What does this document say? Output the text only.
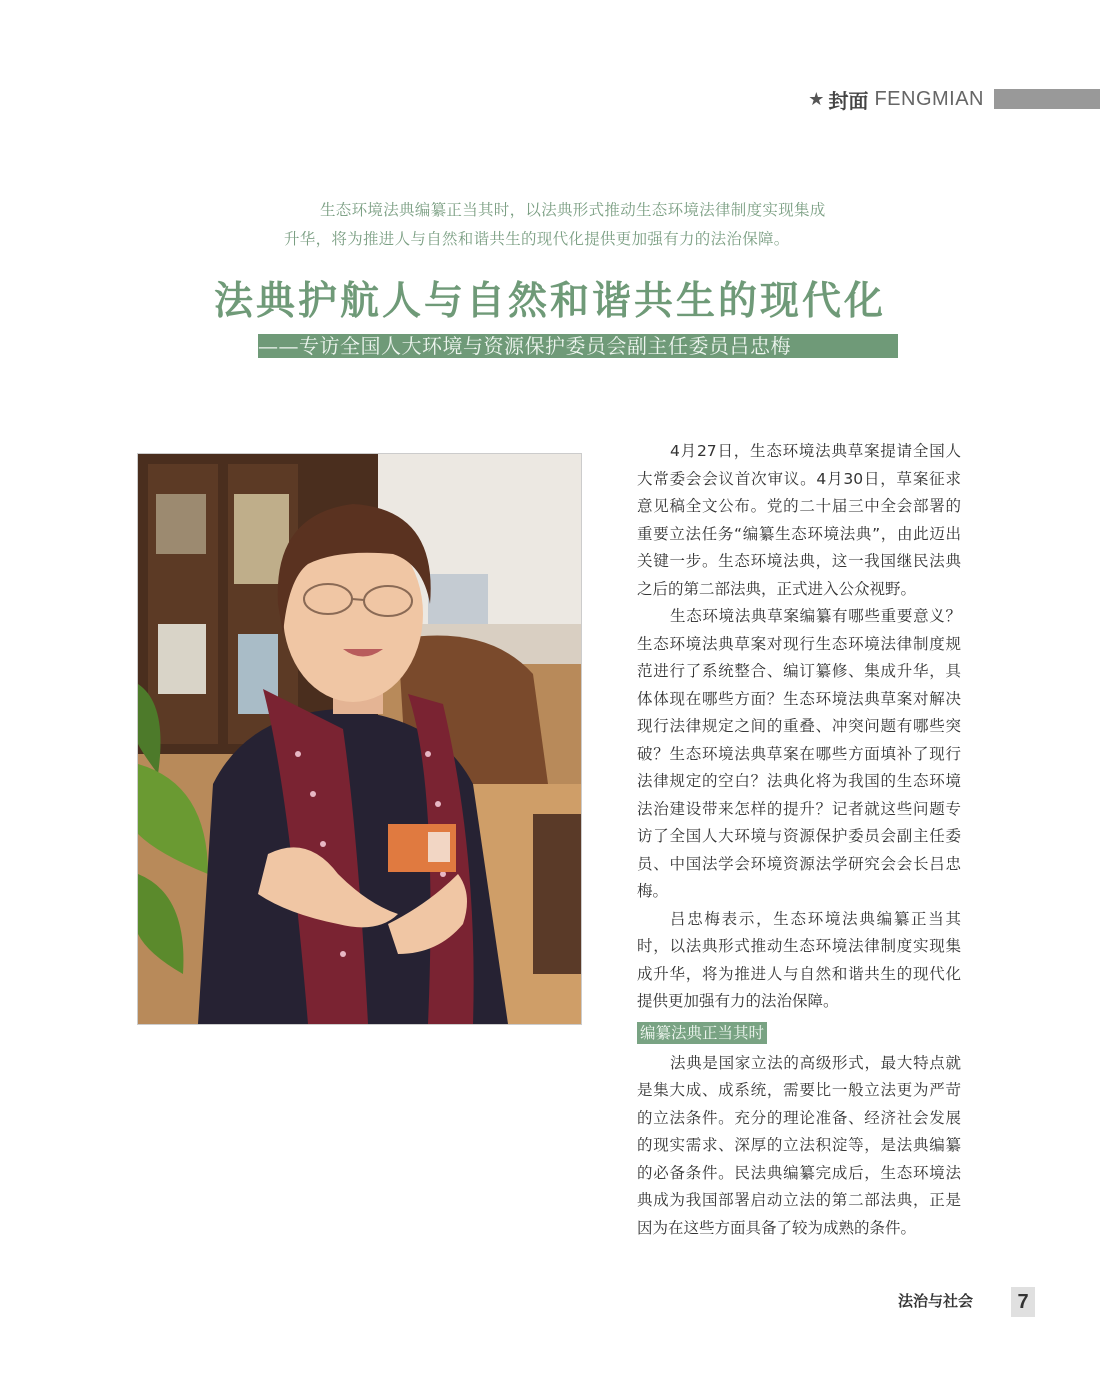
★ 封面 FENGMIAN

生态环境法典编纂正当其时，以法典形式推动生态环境法律制度实现集成

升华，将为推进人与自然和谐共生的现代化提供更加强有力的法治保障。

法典护航人与自然和谐共生的现代化
——专访全国人大环境与资源保护委员会副主任委员吕忠梅

4月27日，生态环境法典草案提请全国人大常委会会议首次审议。4月30日，草案征求意见稿全文公布。党的二十届三中全会部署的重要立法任务“编纂生态环境法典”，由此迈出关键一步。生态环境法典，这一我国继民法典之后的第二部法典，正式进入公众视野。

生态环境法典草案编纂有哪些重要意义？生态环境法典草案对现行生态环境法律制度规范进行了系统整合、编订纂修、集成升华，具体体现在哪些方面？生态环境法典草案对解决现行法律规定之间的重叠、冲突问题有哪些突破？生态环境法典草案在哪些方面填补了现行法律规定的空白？法典化将为我国的生态环境法治建设带来怎样的提升？记者就这些问题专访了全国人大环境与资源保护委员会副主任委员、中国法学会环境资源法学研究会会长吕忠梅。

吕忠梅表示，生态环境法典编纂正当其时，以法典形式推动生态环境法律制度实现集成升华，将为推进人与自然和谐共生的现代化提供更加强有力的法治保障。

编纂法典正当其时

法典是国家立法的高级形式，最大特点就是集大成、成系统，需要比一般立法更为严苛的立法条件。充分的理论准备、经济社会发展的现实需求、深厚的立法积淀等，是法典编纂的必备条件。民法典编纂完成后，生态环境法典成为我国部署启动立法的第二部法典，正是因为在这些方面具备了较为成熟的条件。

法治与社会	7
